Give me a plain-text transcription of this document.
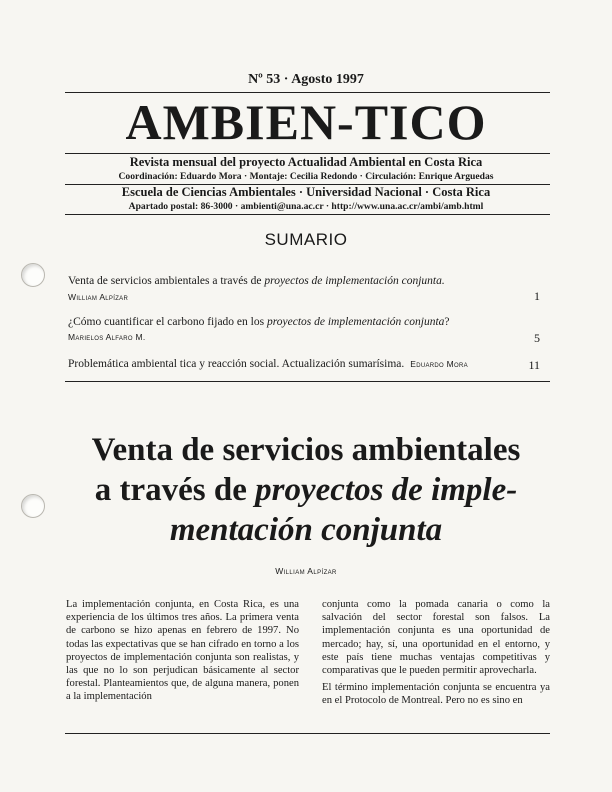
Nº 53 · Agosto 1997
AMBIEN-TICO
Revista mensual del proyecto Actualidad Ambiental en Costa Rica
Coordinación: Eduardo Mora · Montaje: Cecilia Redondo · Circulación: Enrique Arguedas
Escuela de Ciencias Ambientales · Universidad Nacional · Costa Rica
Apartado postal: 86-3000 · ambienti@una.ac.cr · http://www.una.ac.cr/ambi/amb.html
SUMARIO
Venta de servicios ambientales a través de proyectos de implementación conjunta.
William Alpízar	1
¿Cómo cuantificar el carbono fijado en los proyectos de implementación conjunta?
Marielos Alfaro M.	5
Problemática ambiental tica y reacción social. Actualización sumarísima. Eduardo Mora	11
Venta de servicios ambientales
a través de proyectos de imple-
mentación conjunta
William Alpízar

La implementación conjunta, en Costa Rica, es una experiencia de los últimos tres años. La primera venta de carbono se hizo apenas en febrero de 1997. No todas las expectativas que se han cifrado en torno a los proyectos de implementación conjunta son realistas, y las que no lo son perjudican básicamente al sector forestal. Planteamientos que, de alguna manera, ponen a la implementación

conjunta como la pomada canaria o como la salvación del sector forestal son falsos. La implementación conjunta es una oportunidad de mercado; hay, sí, una oportunidad en el entorno, y este país tiene muchas ventajas competitivas y comparativas que le pueden permitir aprovecharla.

El término implementación conjunta se encuentra ya en el Protocolo de Montreal. Pero no es sino en
